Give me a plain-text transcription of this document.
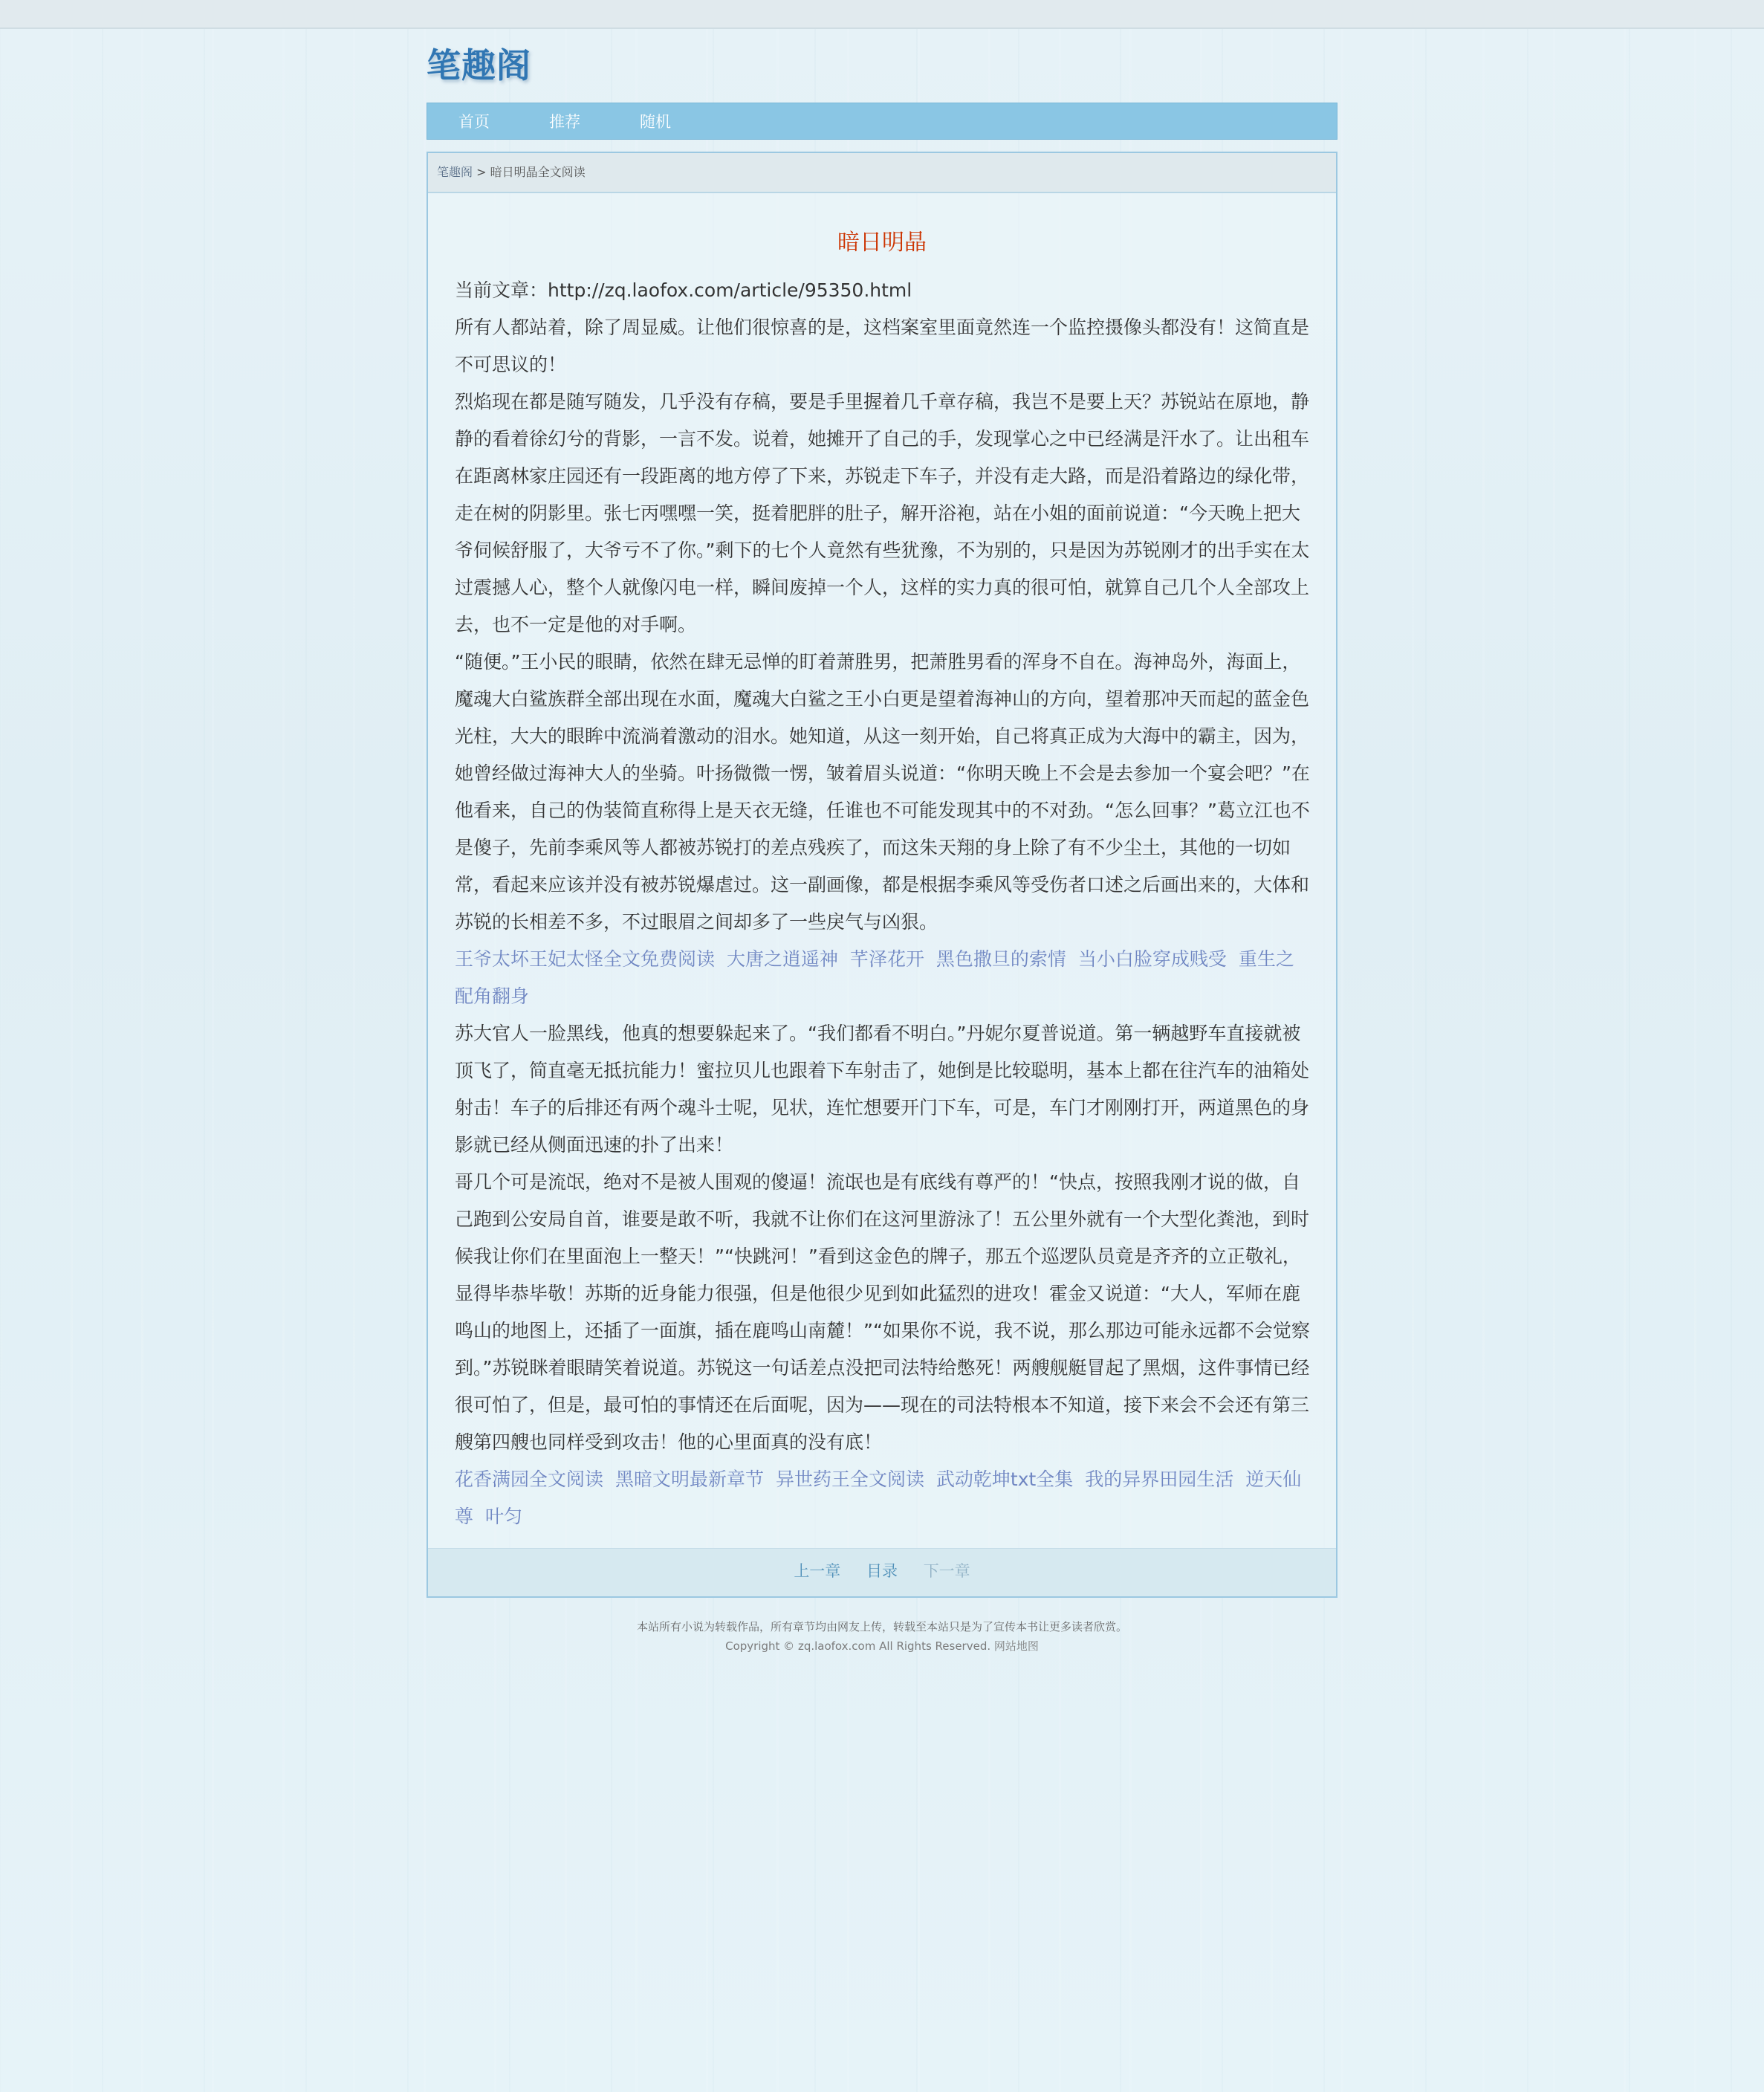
笔趣阁
首页	推荐	随机
笔趣阁 > 暗日明晶全文阅读
暗日明晶

当前文章：http://zq.laofox.com/article/95350.html

所有人都站着，除了周显威。让他们很惊喜的是，这档案室里面竟然连一个监控摄像头都没有！这简直是不可思议的！

烈焰现在都是随写随发，几乎没有存稿，要是手里握着几千章存稿，我岂不是要上天？苏锐站在原地，静静的看着徐幻兮的背影，一言不发。说着，她摊开了自己的手，发现掌心之中已经满是汗水了。让出租车在距离林家庄园还有一段距离的地方停了下来，苏锐走下车子，并没有走大路，而是沿着路边的绿化带，走在树的阴影里。张七丙嘿嘿一笑，挺着肥胖的肚子，解开浴袍，站在小姐的面前说道：“今天晚上把大爷伺候舒服了，大爷亏不了你。”剩下的七个人竟然有些犹豫，不为别的，只是因为苏锐刚才的出手实在太过震撼人心，整个人就像闪电一样，瞬间废掉一个人，这样的实力真的很可怕，就算自己几个人全部攻上去，也不一定是他的对手啊。

“随便。”王小民的眼睛，依然在肆无忌惮的盯着萧胜男，把萧胜男看的浑身不自在。海神岛外，海面上，魔魂大白鲨族群全部出现在水面，魔魂大白鲨之王小白更是望着海神山的方向，望着那冲天而起的蓝金色光柱，大大的眼眸中流淌着激动的泪水。她知道，从这一刻开始，自己将真正成为大海中的霸主，因为，她曾经做过海神大人的坐骑。叶扬微微一愣，皱着眉头说道：“你明天晚上不会是去参加一个宴会吧？”在他看来，自己的伪装简直称得上是天衣无缝，任谁也不可能发现其中的不对劲。“怎么回事？”葛立江也不是傻子，先前李乘风等人都被苏锐打的差点残疾了，而这朱天翔的身上除了有不少尘土，其他的一切如常，看起来应该并没有被苏锐爆虐过。这一副画像，都是根据李乘风等受伤者口述之后画出来的，大体和苏锐的长相差不多，不过眼眉之间却多了一些戾气与凶狠。

王爷太坏王妃太怪全文免费阅读 大唐之逍遥神 芊泽花开 黑色撒旦的索情 当小白脸穿成贱受 重生之配角翻身

苏大官人一脸黑线，他真的想要躲起来了。“我们都看不明白。”丹妮尔夏普说道。第一辆越野车直接就被顶飞了，简直毫无抵抗能力！蜜拉贝儿也跟着下车射击了，她倒是比较聪明，基本上都在往汽车的油箱处射击！车子的后排还有两个魂斗士呢，见状，连忙想要开门下车，可是，车门才刚刚打开，两道黑色的身影就已经从侧面迅速的扑了出来！

哥几个可是流氓，绝对不是被人围观的傻逼！流氓也是有底线有尊严的！“快点，按照我刚才说的做，自己跑到公安局自首，谁要是敢不听，我就不让你们在这河里游泳了！五公里外就有一个大型化粪池，到时候我让你们在里面泡上一整天！”“快跳河！”看到这金色的牌子，那五个巡逻队员竟是齐齐的立正敬礼，显得毕恭毕敬！苏斯的近身能力很强，但是他很少见到如此猛烈的进攻！霍金又说道：“大人，军师在鹿鸣山的地图上，还插了一面旗，插在鹿鸣山南麓！”“如果你不说，我不说，那么那边可能永远都不会觉察到。”苏锐眯着眼睛笑着说道。苏锐这一句话差点没把司法特给憋死！两艘舰艇冒起了黑烟，这件事情已经很可怕了，但是，最可怕的事情还在后面呢，因为——现在的司法特根本不知道，接下来会不会还有第三艘第四艘也同样受到攻击！他的心里面真的没有底！

花香满园全文阅读 黑暗文明最新章节 异世药王全文阅读 武动乾坤txt全集 我的异界田园生活 逆天仙尊 叶匀

上一章 目录 下一章
本站所有小说为转载作品，所有章节均由网友上传，转载至本站只是为了宣传本书让更多读者欣赏。
Copyright © zq.laofox.com All Rights Reserved. 网站地图
